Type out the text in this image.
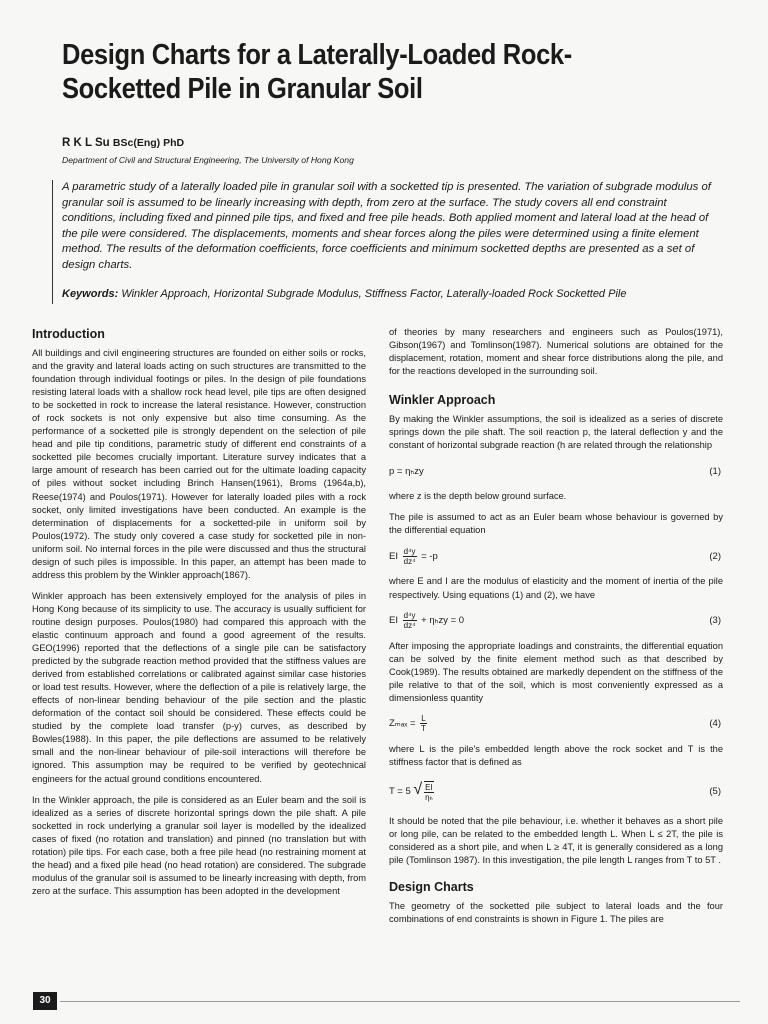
Design Charts for a Laterally-Loaded Rock-Socketted Pile in Granular Soil
R K L Su BSc(Eng) PhD
Department of Civil and Structural Engineering, The University of Hong Kong
A parametric study of a laterally loaded pile in granular soil with a socketted tip is presented. The variation of subgrade modulus of granular soil is assumed to be linearly increasing with depth, from zero at the surface. The study covers all end constraint conditions, including fixed and pinned pile tips, and fixed and free pile heads. Both applied moment and lateral load at the head of the pile were considered. The displacements, moments and shear forces along the piles were determined using a finite element method. The results of the deformation coefficients, force coefficients and minimum socketted depths are presented as a set of design charts.
Keywords: Winkler Approach, Horizontal Subgrade Modulus, Stiffness Factor, Laterally-loaded Rock Socketted Pile
Introduction

All buildings and civil engineering structures are founded on either soils or rocks, and the gravity and lateral loads acting on such structures are transmitted to the foundation through individual footings or piles. In the design of pile foundations resisting lateral loads with a shallow rock head level, pile tips are often designed to be socketted in rock to increase the lateral resistance. However, construction of rock sockets is not only expensive but also time consuming. As the performance of a socketted pile is strongly dependent on the selection of pile head and pile tip conditions, parametric study of different end constraints of a socketted pile becomes crucially important. Literature survey indicates that a large amount of research has been carried out for the ultimate loading capacity of piles without socket including Brinch Hansen(1961), Broms (1964a,b), Reese(1974) and Poulos(1971). However for laterally loaded piles with a rock socket, only limited investigations have been conducted. An example is the determination of displacements for a socketted-pile in uniform soil by Poulos(1972). The study only covered a case study for socketted pile in non-uniform soil. No internal forces in the pile were discussed and thus the structural design of such piles is impossible. In this paper, an attempt has been made to address this problem by the Winkler approach(1867).

Winkler approach has been extensively employed for the analysis of piles in Hong Kong because of its simplicity to use. The accuracy is usually sufficient for routine design purposes. Poulos(1980) had compared this approach with the elastic continuum approach and found a good agreement of the results. GEO(1996) reported that the deflections of a single pile can be satisfactory predicted by the subgrade reaction method provided that the stiffness values are derived from established correlations or calibrated against similar case histories or load test results. However, where the deflection of a pile is relatively large, the effects of non-linear bending behaviour of the pile section and the plastic deformation of the contact soil should be considered. These effects could be studied by the complete load transfer (p-y) curves, as described by Bowles(1988). In this paper, the pile deflections are assumed to be relatively small and the non-linear behaviour of pile-soil interactions will therefore be ignored. This assumption may be required to be verified by geotechnical engineers for the actual ground conditions encountered.

In the Winkler approach, the pile is considered as an Euler beam and the soil is idealized as a series of discrete horizontal springs down the pile shaft. A pile socketted in rock underlying a granular soil layer is modelled by the idealized cases of fixed (no rotation and translation) and pinned (no translation but with rotation) pile tips. For each case, both a free pile head (no restraining moment at the head) and a fixed pile head (no head rotation) are considered. The subgrade modulus of the granular soil is assumed to be linearly increasing with depth, from zero at the surface. This assumption has been adopted in the development

of theories by many researchers and engineers such as Poulos(1971), Gibson(1967) and Tomlinson(1987). Numerical solutions are obtained for the displacement, rotation, moment and shear force distributions along the pile, and for the reactions developed in the surrounding soil.

Winkler Approach

By making the Winkler assumptions, the soil is idealized as a series of discrete springs down the pile shaft. The soil reaction p, the lateral deflection y and the constant of horizontal subgrade reaction (h are related through the relationship

p = ηₕzy	(1)

where z is the depth below ground surface.

The pile is assumed to act as an Euler beam whose behaviour is governed by the differential equation

EI $\frac{\text{d⁴y}}{\text{dz⁴}} = -p$	(2)

where E and I are the modulus of elasticity and the moment of inertia of the pile respectively. Using equations (1) and (2), we have

EI $\frac{\text{d⁴y}}{\text{dz⁴}} + \eta_hzy = 0$	(3)

After imposing the appropriate loadings and constraints, the differential equation can be solved by the finite element method such as that described by Cook(1989). The results obtained are markedly dependent on the stiffness of the pile relative to that of the soil, which is most conveniently expressed as a dimensionless quantity

$Z_{max} = \frac{L}{T}$	(4)

where L is the pile's embedded length above the rock socket and T is the stiffness factor that is defined as

T = 5 √ $\frac{EI}{\text{ηₕ}}$	(5)

It should be noted that the pile behaviour, i.e. whether it behaves as a short pile or long pile, can be related to the embedded length L. When L ≤ 2T, the pile is considered as a short pile, and when L ≥ 4T, it is generally considered as a long pile (Tomlinson 1987). In this investigation, the pile length L ranges from T to 5T .

Design Charts

The geometry of the socketted pile subject to lateral loads and the four combinations of end constraints is shown in Figure 1. The piles are

30
